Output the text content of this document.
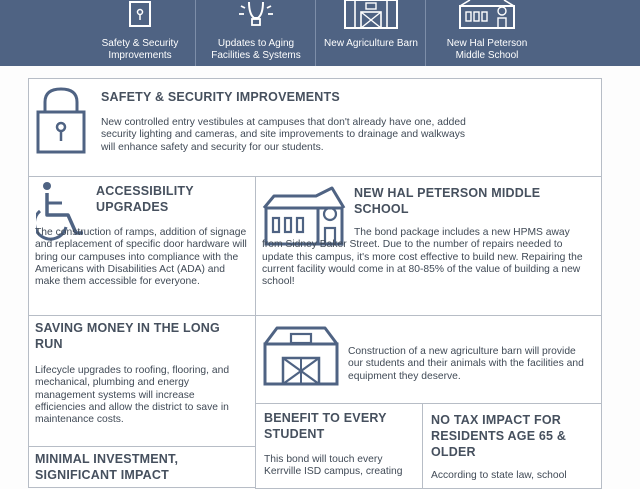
Safety & Security Improvements
Updates to Aging Facilities & Systems
New Agriculture Barn	New Hal Peterson Middle School
SAFETY & SECURITY IMPROVEMENTS
New controlled entry vestibules at campuses that don't already have one, added security lighting and cameras, and site improvements to drainage and walkways will enhance safety and security for our students.
ACCESSIBILITY UPGRADES
The construction of ramps, addition of signage and replacement of specific door hardware will bring our campuses into compliance with the Americans with Disabilities Act (ADA) and make them accessible for everyone.
NEW HAL PETERSON MIDDLE SCHOOL
The bond package includes a new HPMS away from Sidney Baker Street. Due to the number of repairs needed to update this campus, it's more cost effective to build new. Repairing the current facility would come in at 80-85% of the value of building a new school!
SAVING MONEY IN THE LONG RUN
Lifecycle upgrades to roofing, flooring, and mechanical, plumbing and energy management systems will increase efficiencies and allow the district to save in maintenance costs.
Construction of a new agriculture barn will provide our students and their animals with the facilities and equipment they deserve.
MINIMAL INVESTMENT, SIGNIFICANT IMPACT
BENEFIT TO EVERY STUDENT
This bond will touch every Kerrville ISD campus, creating
NO TAX IMPACT FOR RESIDENTS AGE 65 & OLDER
According to state law, school
